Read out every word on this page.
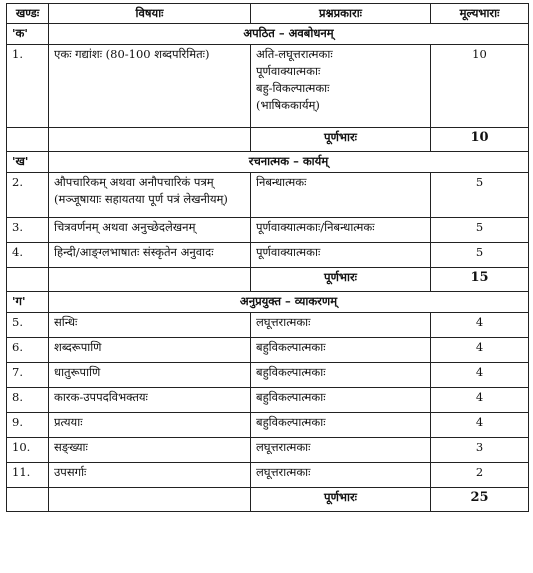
खण्डः	विषयाः	प्रश्नप्रकाराः	मूल्यभाराः
'क'	अपठित – अवबोधनम्		
1.	एकः गद्यांशः (80-100 शब्दपरिमितः)	अति-लघूत्तरात्मकाः
पूर्णवाक्यात्मकाः
बहु-विकल्पात्मकाः
(भाषिककार्यम्)	10
		पूर्णभारः	10
'ख'	रचनात्मक – कार्यम्		
2.	औपचारिकम् अथवा अनौपचारिकं पत्रम्
(मञ्जूषायाः सहायतया पूर्ण पत्रं लेखनीयम्)	निबन्धात्मकः	5
3.	चित्रवर्णनम् अथवा अनुच्छेदलेखनम्	पूर्णवाक्यात्मकाः/निबन्धात्मकः	5
4.	हिन्दी/आङ्ग्लभाषातः संस्कृतेन अनुवादः	पूर्णवाक्यात्मकाः	5
		पूर्णभारः	15
'ग'	अनुप्रयुक्त – व्याकरणम्		
5.	सन्धिः	लघूत्तरात्मकाः	4
6.	शब्दरूपाणि	बहुविकल्पात्मकाः	4
7.	धातुरूपाणि	बहुविकल्पात्मकाः	4
8.	कारक-उपपदविभक्तयः	बहुविकल्पात्मकाः	4
9.	प्रत्ययाः	बहुविकल्पात्मकाः	4
10.	सङ्ख्याः	लघूत्तरात्मकाः	3
11.	उपसर्गाः	लघूत्तरात्मकाः	2
		पूर्णभारः	25
